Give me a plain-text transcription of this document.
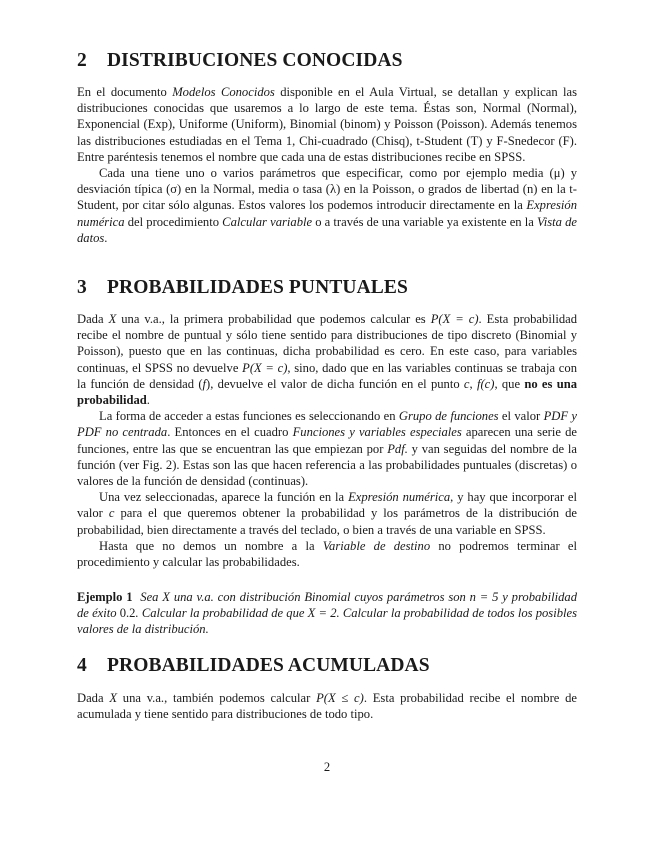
2 DISTRIBUCIONES CONOCIDAS

En el documento Modelos Conocidos disponible en el Aula Virtual, se detallan y explican las distribuciones conocidas que usaremos a lo largo de este tema. Éstas son, Normal (Normal), Exponencial (Exp), Uniforme (Uniform), Binomial (binom) y Poisson (Poisson). Además tenemos las distribuciones estudiadas en el Tema 1, Chi-cuadrado (Chisq), t-Student (T) y F-Snedecor (F). Entre paréntesis tenemos el nombre que cada una de estas distribuciones recibe en SPSS.

Cada una tiene uno o varios parámetros que especificar, como por ejemplo media (μ) y desviación típica (σ) en la Normal, media o tasa (λ) en la Poisson, o grados de libertad (n) en la t-Student, por citar sólo algunas. Estos valores los podemos introducir directamente en la Expresión numérica del procedimiento Calcular variable o a través de una variable ya existente en la Vista de datos.

3 PROBABILIDADES PUNTUALES

Dada X una v.a., la primera probabilidad que podemos calcular es P(X = c). Esta probabilidad recibe el nombre de puntual y sólo tiene sentido para distribuciones de tipo discreto (Binomial y Poisson), puesto que en las continuas, dicha probabilidad es cero. En este caso, para variables continuas, el SPSS no devuelve P(X = c), sino, dado que en las variables continuas se trabaja con la función de densidad (f), devuelve el valor de dicha función en el punto c, f(c), que no es una probabilidad.

La forma de acceder a estas funciones es seleccionando en Grupo de funciones el valor PDF y PDF no centrada. Entonces en el cuadro Funciones y variables especiales aparecen una serie de funciones, entre las que se encuentran las que empiezan por Pdf. y van seguidas del nombre de la función (ver Fig. 2). Estas son las que hacen referencia a las probabilidades puntuales (discretas) o valores de la función de densidad (continuas).

Una vez seleccionadas, aparece la función en la Expresión numérica, y hay que incorporar el valor c para el que queremos obtener la probabilidad y los parámetros de la distribución de probabilidad, bien directamente a través del teclado, o bien a través de una variable en SPSS.

Hasta que no demos un nombre a la Variable de destino no podremos terminar el procedimiento y calcular las probabilidades.

Ejemplo 1 Sea X una v.a. con distribución Binomial cuyos parámetros son n = 5 y probabilidad de éxito 0.2. Calcular la probabilidad de que X = 2. Calcular la probabilidad de todos los posibles valores de la distribución.

4 PROBABILIDADES ACUMULADAS

Dada X una v.a., también podemos calcular P(X ≤ c). Esta probabilidad recibe el nombre de acumulada y tiene sentido para distribuciones de todo tipo.

2
